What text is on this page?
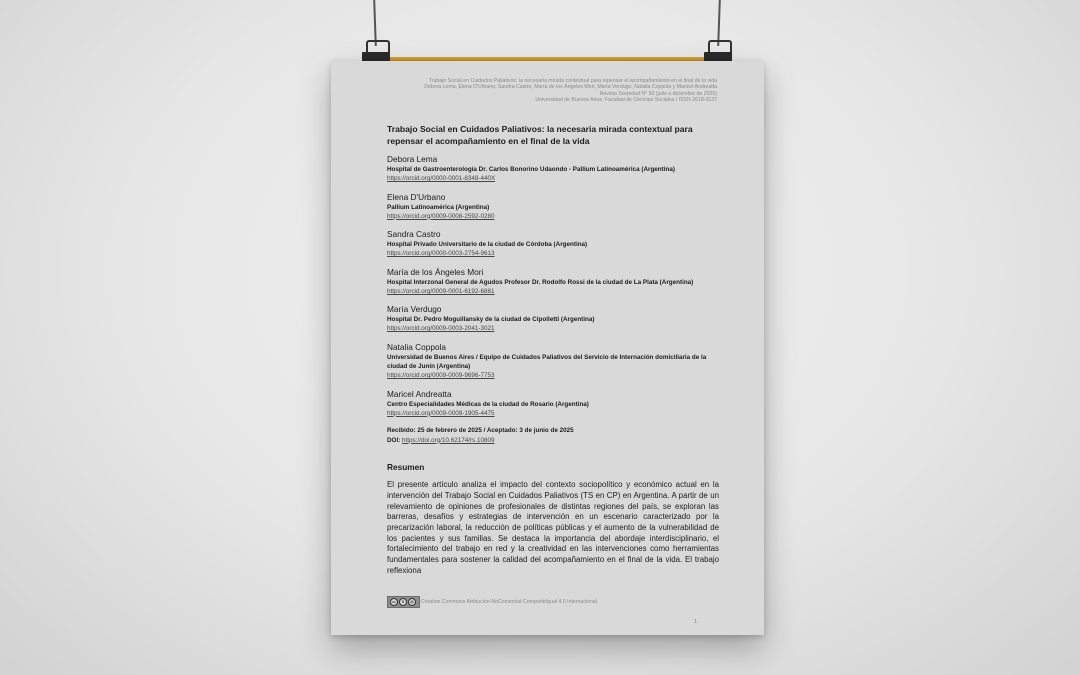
Trabajo Social en Cuidados Paliativos: la necesaria mirada contextual para repensar el acompañamiento en el final de la vida
Debora Lema, Elena D'Urbano, Sandra Castro, María de los Ángeles Mori, María Verdugo, Natalia Coppola y Maricel Andreatta
Revista Sociedad N° 50 (julio a diciembre de 2025)
Universidad de Buenos Aires. Facultad de Ciencias Sociales / ISSN 2618-3137
Trabajo Social en Cuidados Paliativos: la necesaria mirada contextual para repensar el acompañamiento en el final de la vida
Debora Lema
Hospital de Gastroenterología Dr. Carlos Bonorino Udaondo - Pallium Latinoamérica (Argentina)
https://orcid.org/0000-0001-8348-440X
Elena D'Urbano
Pallium Latinoamérica (Argentina)
https://orcid.org/0009-0008-2592-0280
Sandra Castro
Hospital Privado Universitario de la ciudad de Córdoba (Argentina)
https://orcid.org/0000-0003-2754-9613
María de los Ángeles Mori
Hospital Interzonal General de Agudos Profesor Dr. Rodolfo Rossi de la ciudad de La Plata (Argentina)
https://orcid.org/0009-0001-6192-6881
María Verdugo
Hospital Dr. Pedro Moguillansky de la ciudad de Cipolletti (Argentina)
https://orcid.org/0009-0003-2041-3021
Natalia Coppola
Universidad de Buenos Aires / Equipo de Cuidados Paliativos del Servicio de Internación domiciliaria de la ciudad de Junín (Argentina)
https://orcid.org/0009-0009-9696-7753
Maricel Andreatta
Centro Especialidades Médicas de la ciudad de Rosario (Argentina)
https://orcid.org/0009-0009-1905-4475
Recibido: 25 de febrero de 2025 / Aceptado: 3 de junio de 2025
DOI: https://doi.org/10.62174/rs.10809
Resumen
El presente artículo analiza el impacto del contexto sociopolítico y económico actual en la intervención del Trabajo Social en Cuidados Paliativos (TS en CP) en Argentina. A partir de un relevamiento de opiniones de profesionales de distintas regiones del país, se exploran las barreras, desafíos y estrategias de intervención en un escenario caracterizado por la precarización laboral, la reducción de políticas públicas y el aumento de la vulnerabilidad de los pacientes y sus familias. Se destaca la importancia del abordaje interdisciplinario, el fortalecimiento del trabajo en red y la creatividad en las intervenciones como herramientas fundamentales para sostener la calidad del acompañamiento en el final de la vida. El trabajo reflexiona
cc	$	@	Creative Commons Atribución-NoComercial-CompartirIgual 4.0 Internacional.
1
